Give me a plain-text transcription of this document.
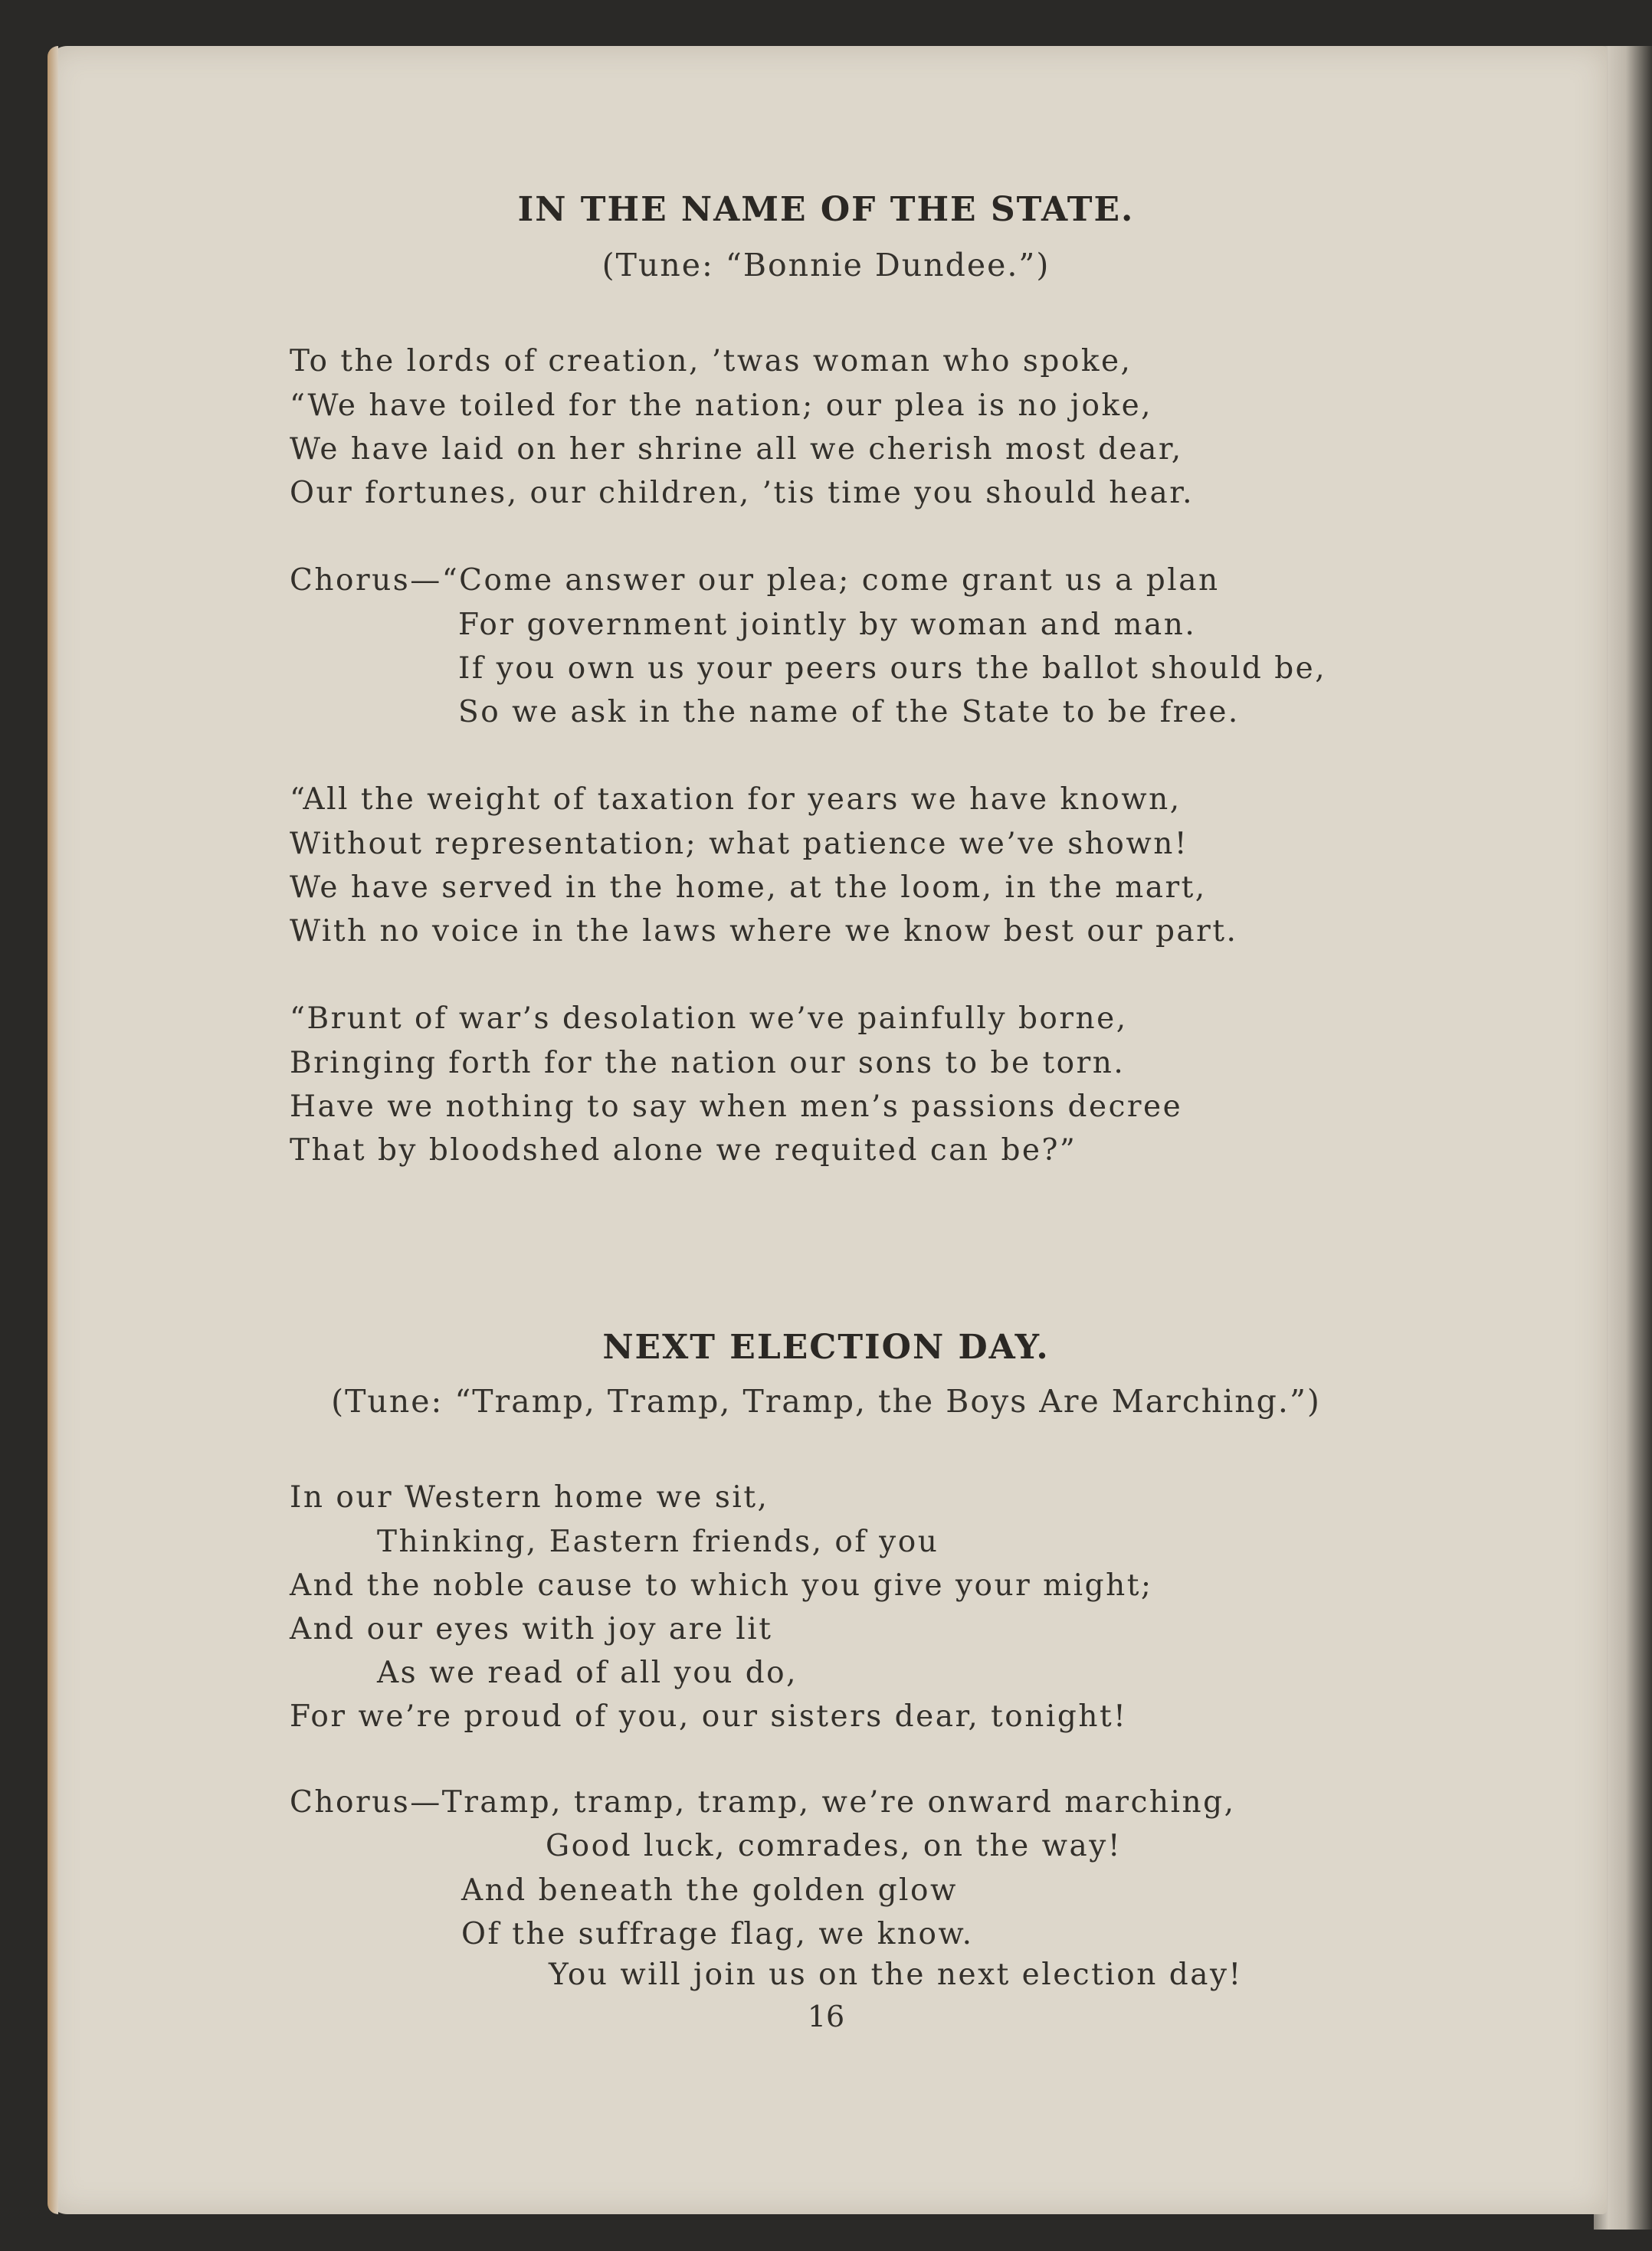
IN THE NAME OF THE STATE.
(Tune: “Bonnie Dundee.”)
To the lords of creation, ’twas woman who spoke,
“We have toiled for the nation; our plea is no joke,
We have laid on her shrine all we cherish most dear,
Our fortunes, our children, ’tis time you should hear.
Chorus—“Come answer our plea; come grant us a plan
For government jointly by woman and man.
If you own us your peers ours the ballot should be,
So we ask in the name of the State to be free.
“All the weight of taxation for years we have known,
Without representation; what patience we’ve shown!
We have served in the home, at the loom, in the mart,
With no voice in the laws where we know best our part.
“Brunt of war’s desolation we’ve painfully borne,
Bringing forth for the nation our sons to be torn.
Have we nothing to say when men’s passions decree
That by bloodshed alone we requited can be?”
NEXT ELECTION DAY.
(Tune: “Tramp, Tramp, Tramp, the Boys Are Marching.”)
In our Western home we sit,
Thinking, Eastern friends, of you
And the noble cause to which you give your might;
And our eyes with joy are lit
As we read of all you do,
For we’re proud of you, our sisters dear, tonight!
Chorus—Tramp, tramp, tramp, we’re onward marching,
Good luck, comrades, on the way!
And beneath the golden glow
Of the suffrage flag, we know.
You will join us on the next election day!
16
